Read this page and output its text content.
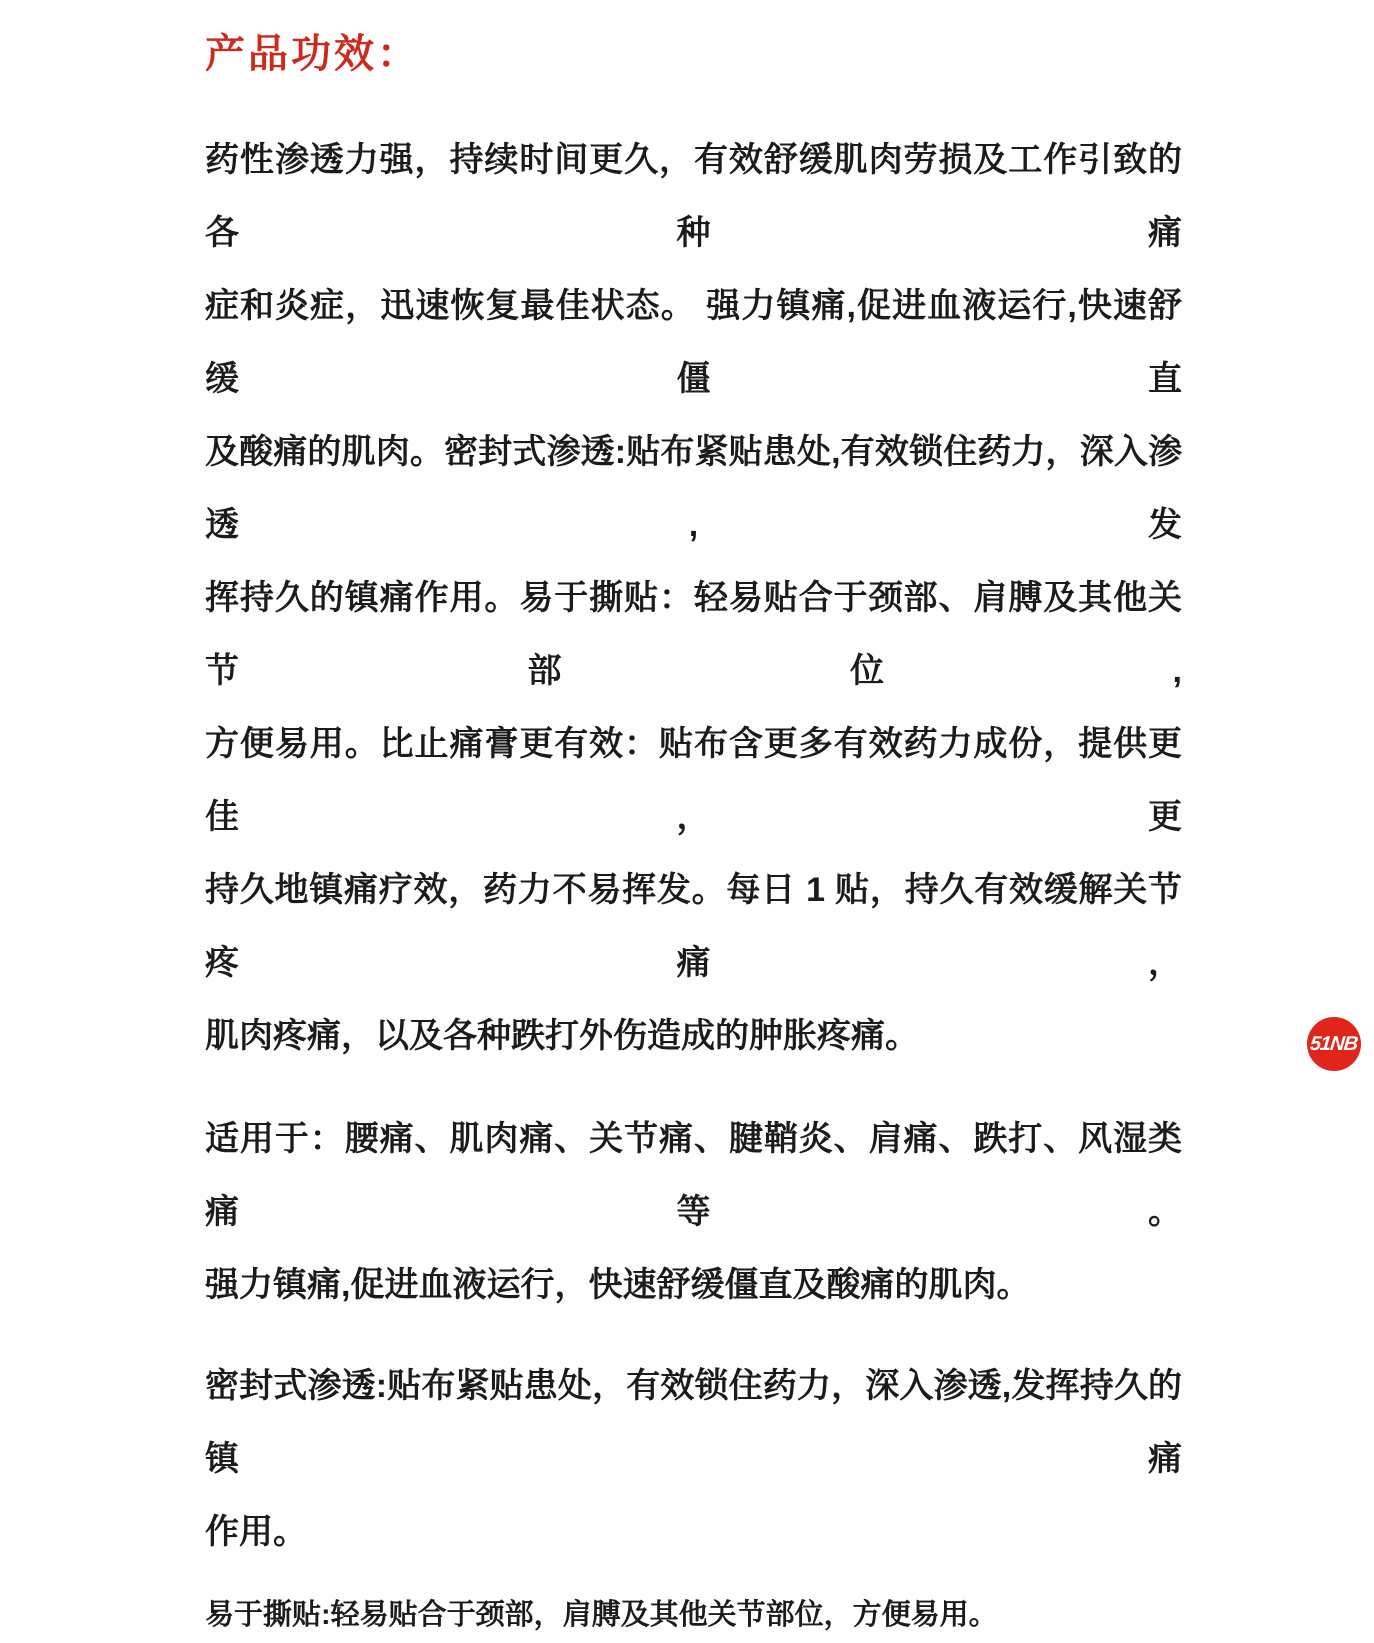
产品功效：
药性渗透力强，持续时间更久，有效舒缓肌肉劳损及工作引致的各种痛
症和炎症，迅速恢复最佳状态。 强力镇痛,促进血液运行,快速舒缓僵直
及酸痛的肌肉。密封式渗透:贴布紧贴患处,有效锁住药力，深入渗透,发
挥持久的镇痛作用。易于撕贴：轻易贴合于颈部、肩膊及其他关节部位,
方便易用。比止痛膏更有效：贴布含更多有效药力成份，提供更佳，更
持久地镇痛疗效，药力不易挥发。每日 1 贴，持久有效缓解关节疼痛，
肌肉疼痛，以及各种跌打外伤造成的肿胀疼痛。
适用于：腰痛、肌肉痛、关节痛、腱鞘炎、肩痛、跌打、风湿类痛等。
强力镇痛,促进血液运行，快速舒缓僵直及酸痛的肌肉。
密封式渗透:贴布紧贴患处，有效锁住药力，深入渗透,发挥持久的镇痛
作用。
易于撕贴:轻易贴合于颈部，肩膊及其他关节部位，方便易用。
51NB
